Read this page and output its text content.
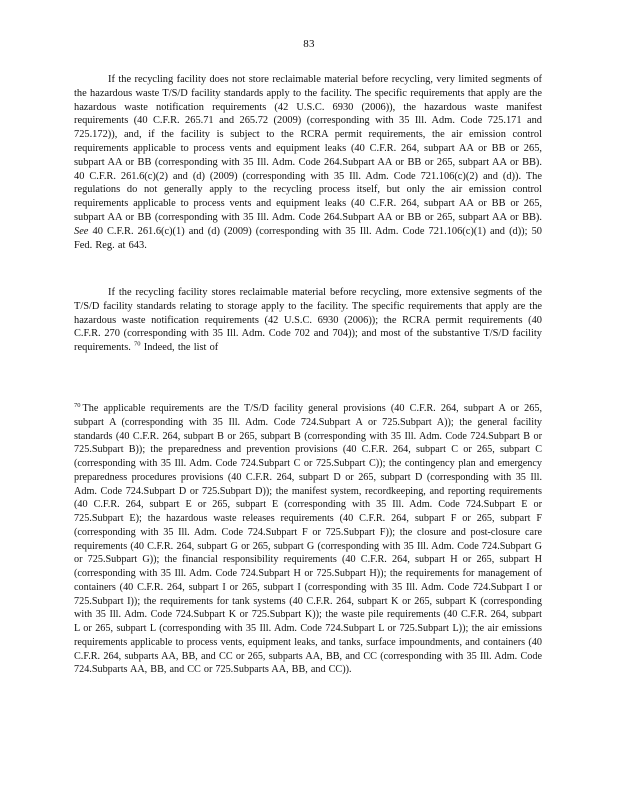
83

If the recycling facility does not store reclaimable material before recycling, very limited segments of the hazardous waste T/S/D facility standards apply to the facility. The specific requirements that apply are the hazardous waste notification requirements (42 U.S.C. 6930 (2006)), the hazardous waste manifest requirements (40 C.F.R. 265.71 and 265.72 (2009) (corresponding with 35 Ill. Adm. Code 725.171 and 725.172)), and, if the facility is subject to the RCRA permit requirements, the air emission control requirements applicable to process vents and equipment leaks (40 C.F.R. 264, subpart AA or BB or 265, subpart AA or BB (corresponding with 35 Ill. Adm. Code 264.Subpart AA or BB or 265, subpart AA or BB). 40 C.F.R. 261.6(c)(2) and (d) (2009) (corresponding with 35 Ill. Adm. Code 721.106(c)(2) and (d)). The regulations do not generally apply to the recycling process itself, but only the air emission control requirements applicable to process vents and equipment leaks (40 C.F.R. 264, subpart AA or BB or 265, subpart AA or BB (corresponding with 35 Ill. Adm. Code 264.Subpart AA or BB or 265, subpart AA or BB). See 40 C.F.R. 261.6(c)(1) and (d) (2009) (corresponding with 35 Ill. Adm. Code 721.106(c)(1) and (d)); 50 Fed. Reg. at 643.

If the recycling facility stores reclaimable material before recycling, more extensive segments of the T/S/D facility standards relating to storage apply to the facility. The specific requirements that apply are the hazardous waste notification requirements (42 U.S.C. 6930 (2006)); the RCRA permit requirements (40 C.F.R. 270 (corresponding with 35 Ill. Adm. Code 702 and 704)); and most of the substantive T/S/D facility requirements. $^{70}$ Indeed, the list of

$^{70}$ The applicable requirements are the T/S/D facility general provisions (40 C.F.R. 264, subpart A or 265, subpart A (corresponding with 35 Ill. Adm. Code 724.Subpart A or 725.Subpart A)); the general facility standards (40 C.F.R. 264, subpart B or 265, subpart B (corresponding with 35 Ill. Adm. Code 724.Subpart B or 725.Subpart B)); the preparedness and prevention provisions (40 C.F.R. 264, subpart C or 265, subpart C (corresponding with 35 Ill. Adm. Code 724.Subpart C or 725.Subpart C)); the contingency plan and emergency preparedness procedures provisions (40 C.F.R. 264, subpart D or 265, subpart D (corresponding with 35 Ill. Adm. Code 724.Subpart D or 725.Subpart D)); the manifest system, recordkeeping, and reporting requirements (40 C.F.R. 264, subpart E or 265, subpart E (corresponding with 35 Ill. Adm. Code 724.Subpart E or 725.Subpart E); the hazardous waste releases requirements (40 C.F.R. 264, subpart F or 265, subpart F (corresponding with 35 Ill. Adm. Code 724.Subpart F or 725.Subpart F)); the closure and post-closure care requirements (40 C.F.R. 264, subpart G or 265, subpart G (corresponding with 35 Ill. Adm. Code 724.Subpart G or 725.Subpart G)); the financial responsibility requirements (40 C.F.R. 264, subpart H or 265, subpart H (corresponding with 35 Ill. Adm. Code 724.Subpart H or 725.Subpart H)); the requirements for management of containers (40 C.F.R. 264, subpart I or 265, subpart I (corresponding with 35 Ill. Adm. Code 724.Subpart I or 725.Subpart I)); the requirements for tank systems (40 C.F.R. 264, subpart K or 265, subpart K (corresponding with 35 Ill. Adm. Code 724.Subpart K or 725.Subpart K)); the waste pile requirements (40 C.F.R. 264, subpart L or 265, subpart L (corresponding with 35 Ill. Adm. Code 724.Subpart L or 725.Subpart L)); the air emissions requirements applicable to process vents, equipment leaks, and tanks, surface impoundments, and containers (40 C.F.R. 264, subparts AA, BB, and CC or 265, subparts AA, BB, and CC (corresponding with 35 Ill. Adm. Code 724.Subparts AA, BB, and CC or 725.Subparts AA, BB, and CC)).
